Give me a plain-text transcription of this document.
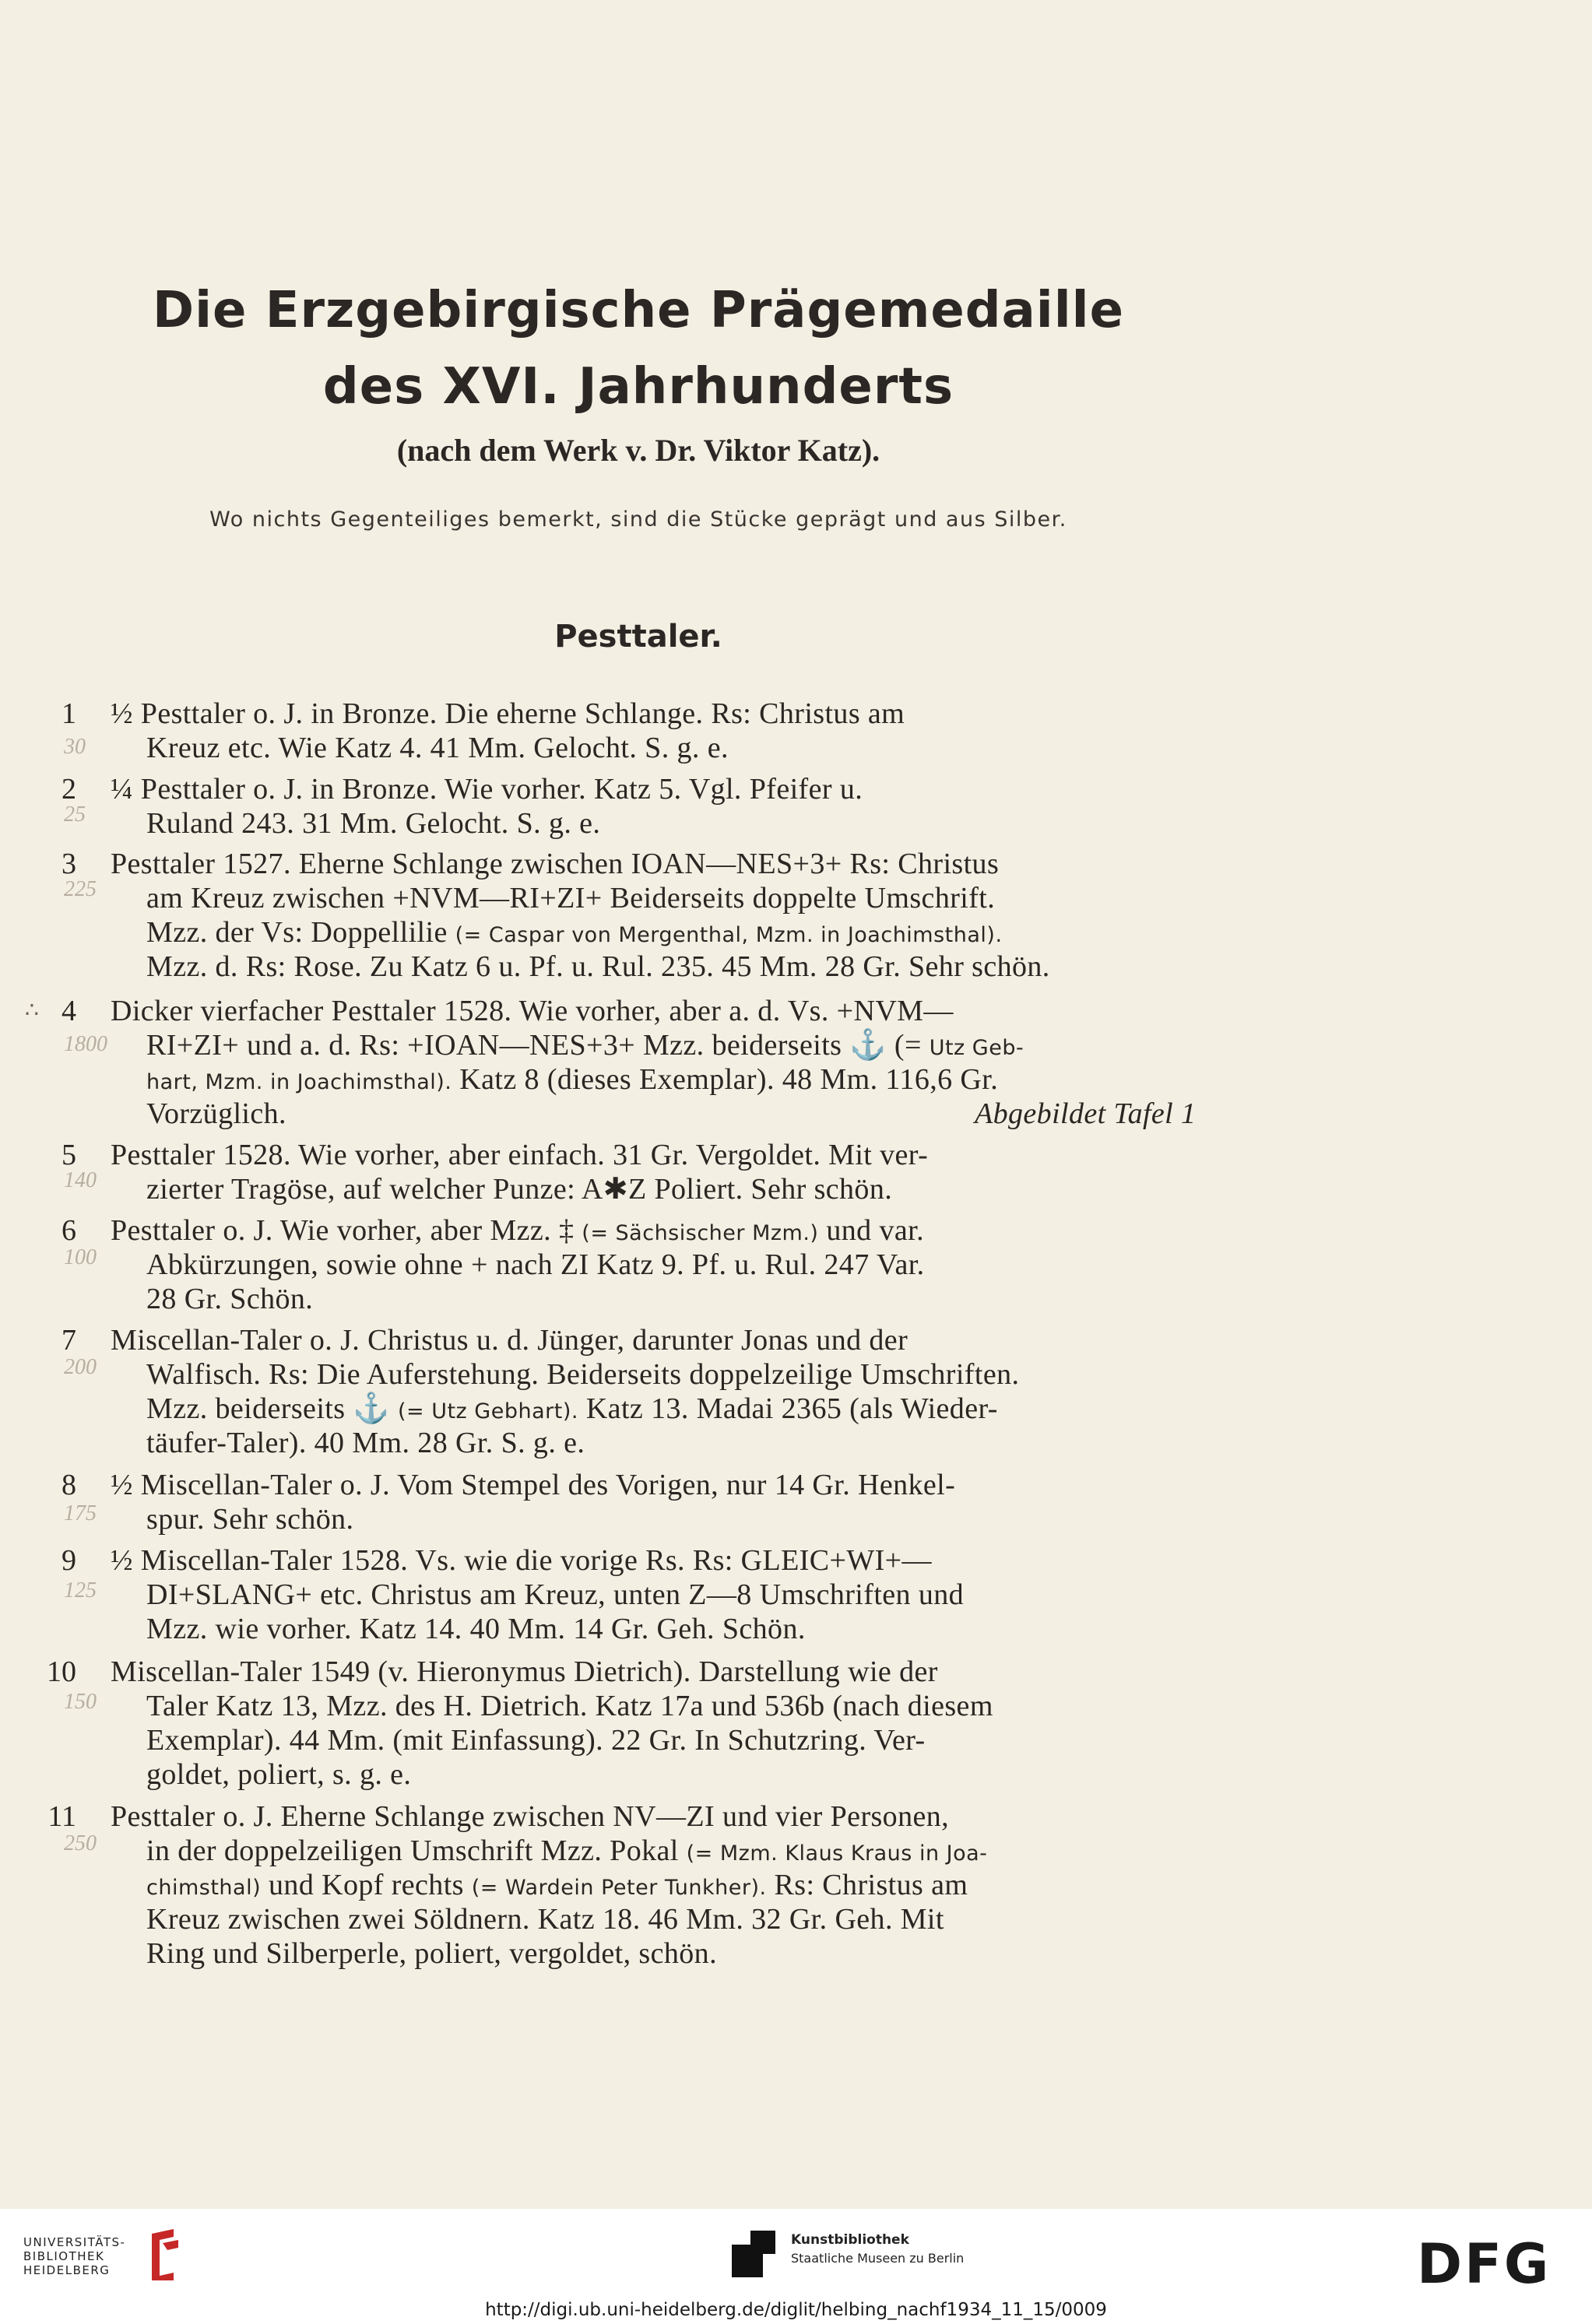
Die Erzgebirgische Prägemedaille
des XVI. Jahrhunderts
(nach dem Werk v. Dr. Viktor Katz).
Wo nichts Gegenteiliges bemerkt, sind die Stücke geprägt und aus Silber.
Pesttaler.
1 ½ Pesttaler o. J. in Bronze. Die eherne Schlange. Rs: Christus am
30 Kreuz etc. Wie Katz 4. 41 Mm. Gelocht. S. g. e.
2 ¼ Pesttaler o. J. in Bronze. Wie vorher. Katz 5. Vgl. Pfeifer u.
25 Ruland 243. 31 Mm. Gelocht. S. g. e.
3 Pesttaler 1527. Eherne Schlange zwischen IOAN—NES+3+ Rs: Christus
225 am Kreuz zwischen +NVM—RI+ZI+ Beiderseits doppelte Umschrift.
Mzz. der Vs: Doppellilie (= Caspar von Mergenthal, Mzm. in Joachimsthal).
Mzz. d. Rs: Rose. Zu Katz 6 u. Pf. u. Rul. 235. 45 Mm. 28 Gr. Sehr schön.
∴ 4 Dicker vierfacher Pesttaler 1528. Wie vorher, aber a. d. Vs. +NVM—
1800 RI+ZI+ und a. d. Rs: +IOAN—NES+3+ Mzz. beiderseits ⚓ (= Utz Geb-
hart, Mzm. in Joachimsthal). Katz 8 (dieses Exemplar). 48 Mm. 116,6 Gr.
Vorzüglich.	Abgebildet Tafel 1
5 Pesttaler 1528. Wie vorher, aber einfach. 31 Gr. Vergoldet. Mit ver-
140 zierter Tragöse, auf welcher Punze: A✱Z Poliert. Sehr schön.
6 Pesttaler o. J. Wie vorher, aber Mzz. ‡ (= Sächsischer Mzm.) und var.
100 Abkürzungen, sowie ohne + nach ZI Katz 9. Pf. u. Rul. 247 Var.
28 Gr. Schön.
7 Miscellan-Taler o. J. Christus u. d. Jünger, darunter Jonas und der
200 Walfisch. Rs: Die Auferstehung. Beiderseits doppelzeilige Umschriften.
Mzz. beiderseits ⚓ (= Utz Gebhart). Katz 13. Madai 2365 (als Wieder-
täufer-Taler). 40 Mm. 28 Gr. S. g. e.
8 ½ Miscellan-Taler o. J. Vom Stempel des Vorigen, nur 14 Gr. Henkel-
175 spur. Sehr schön.
9 ½ Miscellan-Taler 1528. Vs. wie die vorige Rs. Rs: GLEIC+WI+—
125 DI+SLANG+ etc. Christus am Kreuz, unten Z—8 Umschriften und
Mzz. wie vorher. Katz 14. 40 Mm. 14 Gr. Geh. Schön.
10 Miscellan-Taler 1549 (v. Hieronymus Dietrich). Darstellung wie der
150 Taler Katz 13, Mzz. des H. Dietrich. Katz 17a und 536b (nach diesem
Exemplar). 44 Mm. (mit Einfassung). 22 Gr. In Schutzring. Ver-
goldet, poliert, s. g. e.
11 Pesttaler o. J. Eherne Schlange zwischen NV—ZI und vier Personen,
250 in der doppelzeiligen Umschrift Mzz. Pokal (= Mzm. Klaus Kraus in Joa-
chimsthal) und Kopf rechts (= Wardein Peter Tunkher). Rs: Christus am
Kreuz zwischen zwei Söldnern. Katz 18. 46 Mm. 32 Gr. Geh. Mit
Ring und Silberperle, poliert, vergoldet, schön.
UNIVERSITÄTS-
BIBLIOTHEK
HEIDELBERG
Kunstbibliothek
Staatliche Museen zu Berlin	DFG
http://digi.ub.uni-heidelberg.de/diglit/helbing_nachf1934_11_15/0009
